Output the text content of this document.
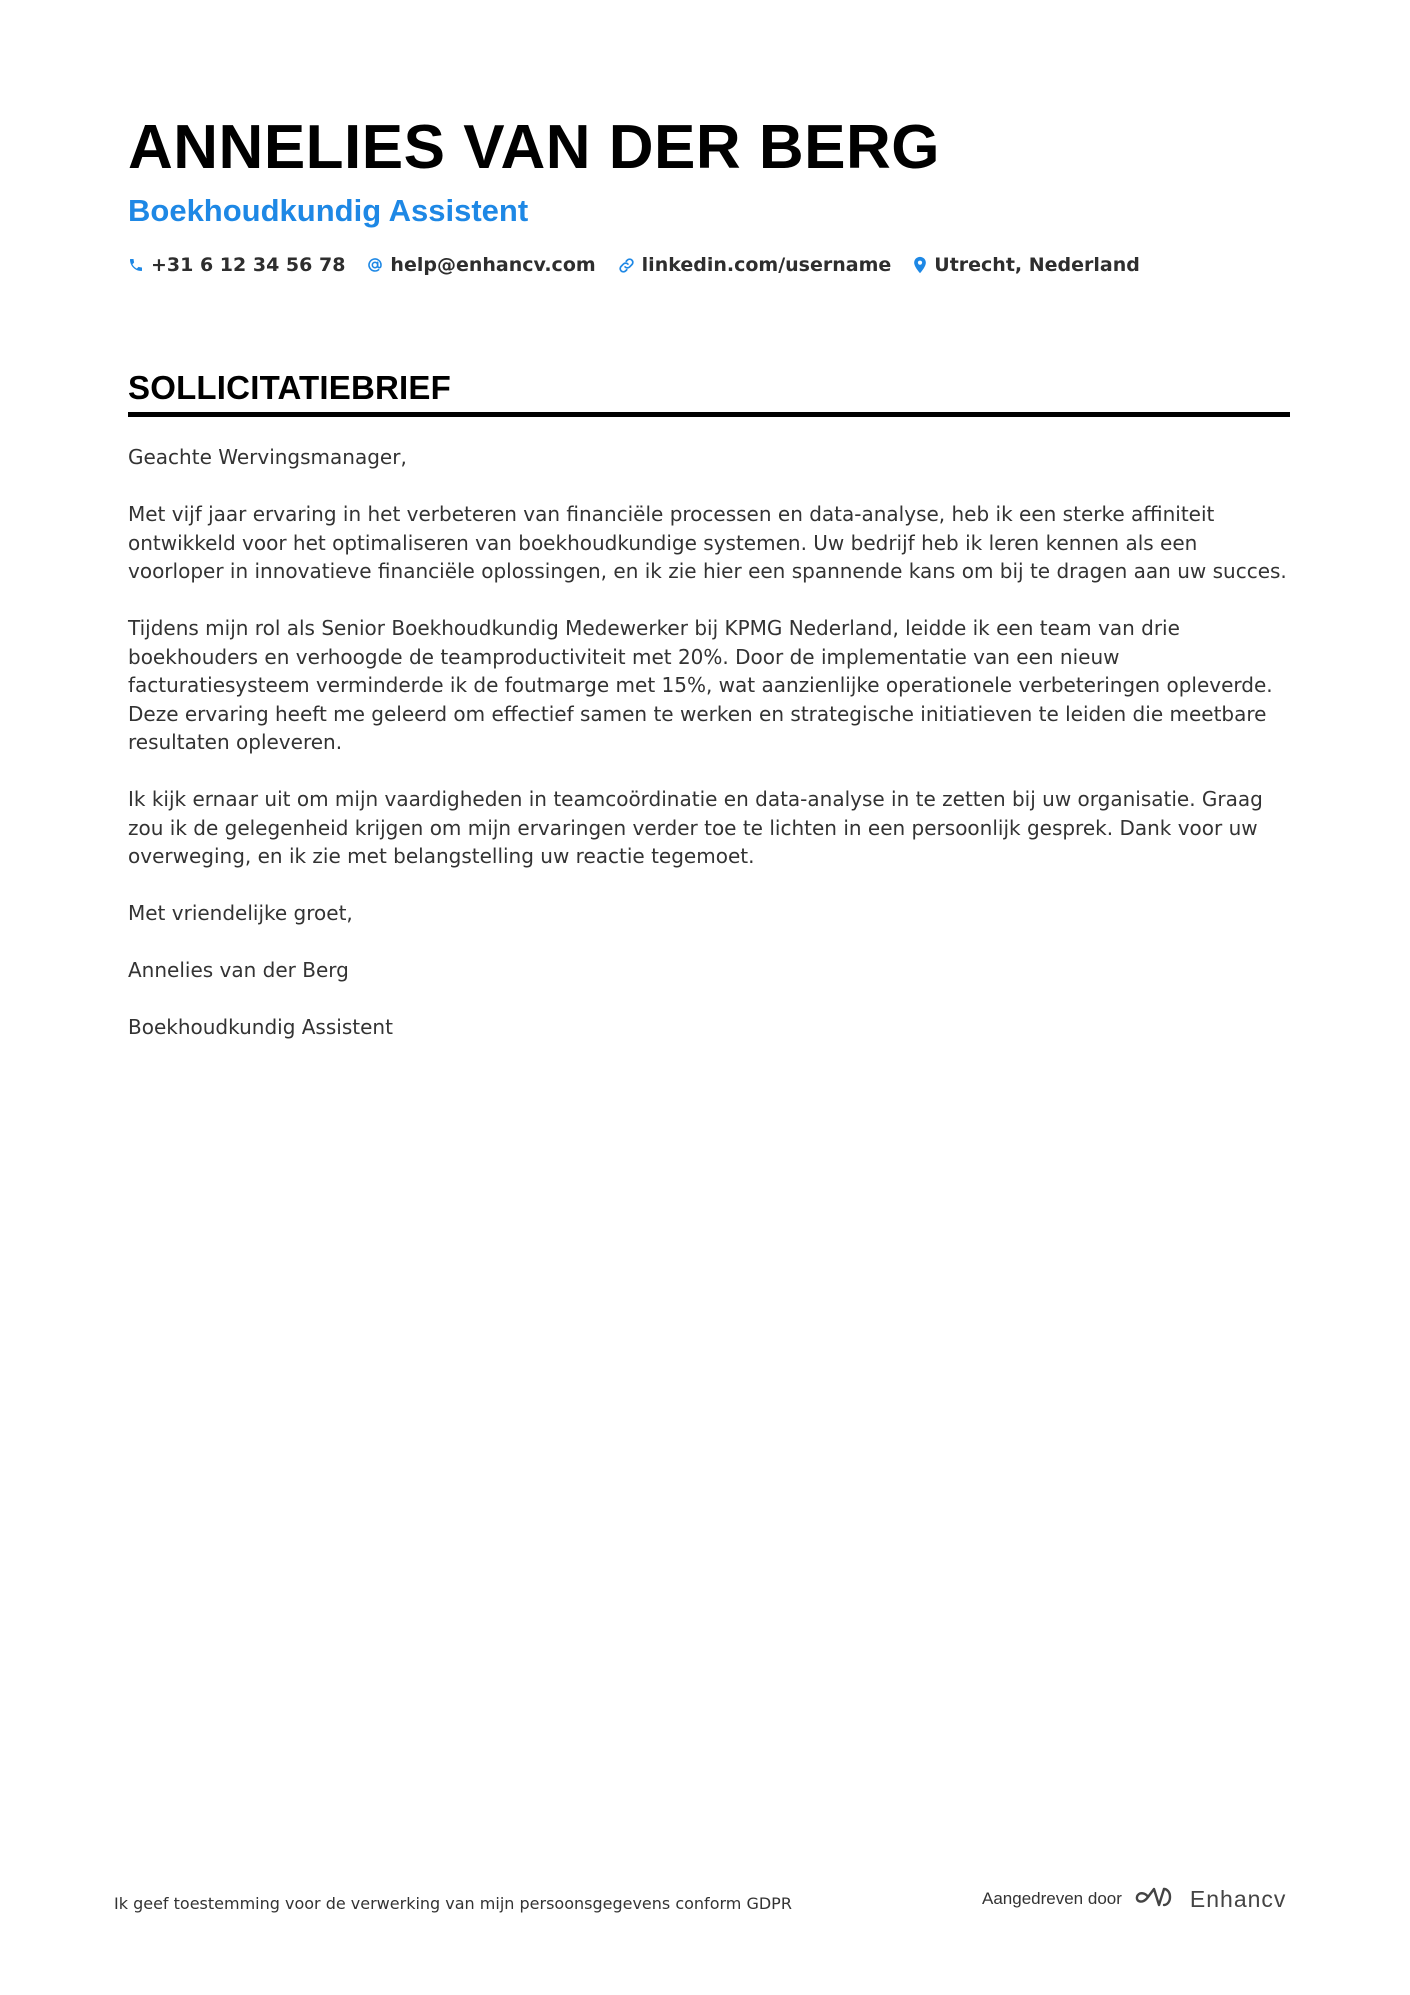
ANNELIES VAN DER BERG
Boekhoudkundig Assistent
+31 6 12 34 56 78 help@enhancv.com linkedin.com/username Utrecht, Nederland
SOLLICITATIEBRIEF

Geachte Wervingsmanager,

Met vijf jaar ervaring in het verbeteren van financiële processen en data-analyse, heb ik een sterke affiniteit ontwikkeld voor het optimaliseren van boekhoudkundige systemen. Uw bedrijf heb ik leren kennen als een voorloper in innovatieve financiële oplossingen, en ik zie hier een spannende kans om bij te dragen aan uw succes.

Tijdens mijn rol als Senior Boekhoudkundig Medewerker bij KPMG Nederland, leidde ik een team van drie boekhouders en verhoogde de teamproductiviteit met 20%. Door de implementatie van een nieuw facturatiesysteem verminderde ik de foutmarge met 15%, wat aanzienlijke operationele verbeteringen opleverde. Deze ervaring heeft me geleerd om effectief samen te werken en strategische initiatieven te leiden die meetbare resultaten opleveren.

Ik kijk ernaar uit om mijn vaardigheden in teamcoördinatie en data-analyse in te zetten bij uw organisatie. Graag zou ik de gelegenheid krijgen om mijn ervaringen verder toe te lichten in een persoonlijk gesprek. Dank voor uw overweging, en ik zie met belangstelling uw reactie tegemoet.

Met vriendelijke groet,

Annelies van der Berg

Boekhoudkundig Assistent

Ik geef toestemming voor de verwerking van mijn persoonsgegevens conform GDPR	Aangedreven door	Enhancv
